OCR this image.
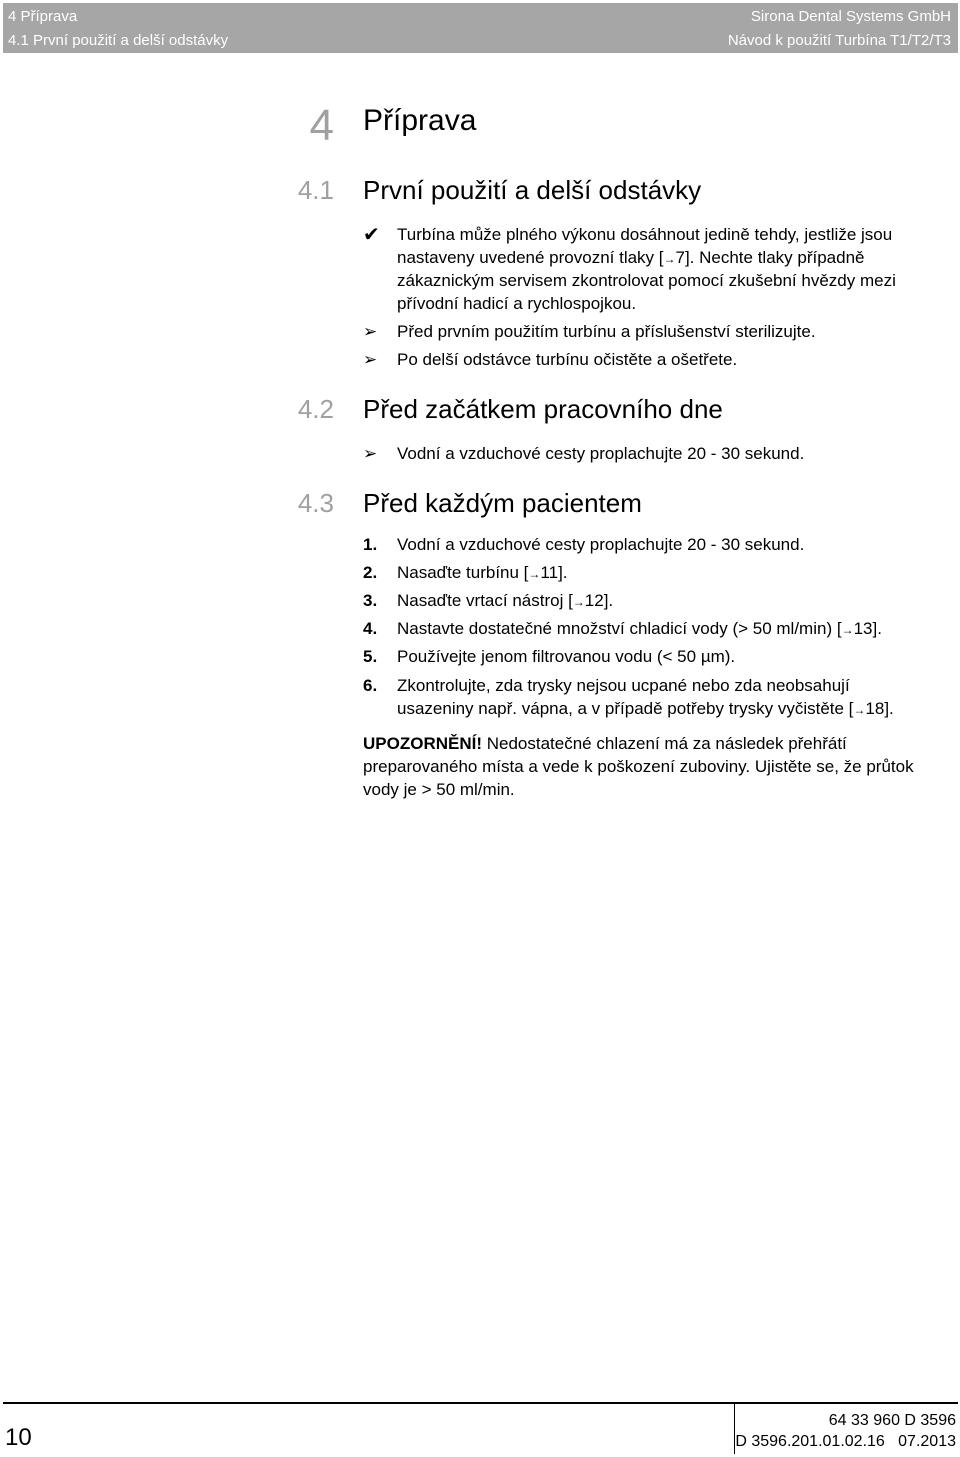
4 Příprava
4.1 První použití a delší odstávky
Sirona Dental Systems GmbH
Návod k použití Turbína T1/T2/T3
4 Příprava
4.1 První použití a delší odstávky
✔ Turbína může plného výkonu dosáhnout jedině tehdy, jestliže jsou
nastaveny uvedené provozní tlaky [→7]. Nechte tlaky případně
zákaznickým servisem zkontrolovat pomocí zkušební hvězdy mezi
přívodní hadicí a rychlospojkou.
➢ Před prvním použitím turbínu a příslušenství sterilizujte.
➢ Po delší odstávce turbínu očistěte a ošetřete.
4.2 Před začátkem pracovního dne
➢ Vodní a vzduchové cesty proplachujte 20 - 30 sekund.
4.3 Před každým pacientem
1. Vodní a vzduchové cesty proplachujte 20 - 30 sekund.
2. Nasaďte turbínu [→11].
3. Nasaďte vrtací nástroj [→12].
4. Nastavte dostatečné množství chladicí vody (> 50 ml/min) [→13].
5. Používejte jenom filtrovanou vodu (< 50 µm).
6. Zkontrolujte, zda trysky nejsou ucpané nebo zda neobsahují
usazeniny např. vápna, a v případě potřeby trysky vyčistěte [→18].
UPOZORNĚNÍ! Nedostatečné chlazení má za následek přehřátí
preparovaného místa a vede k poškození zuboviny. Ujistěte se, že průtok
vody je > 50 ml/min.
10
64 33 960 D 3596
D 3596.201.01.02.16 07.2013
